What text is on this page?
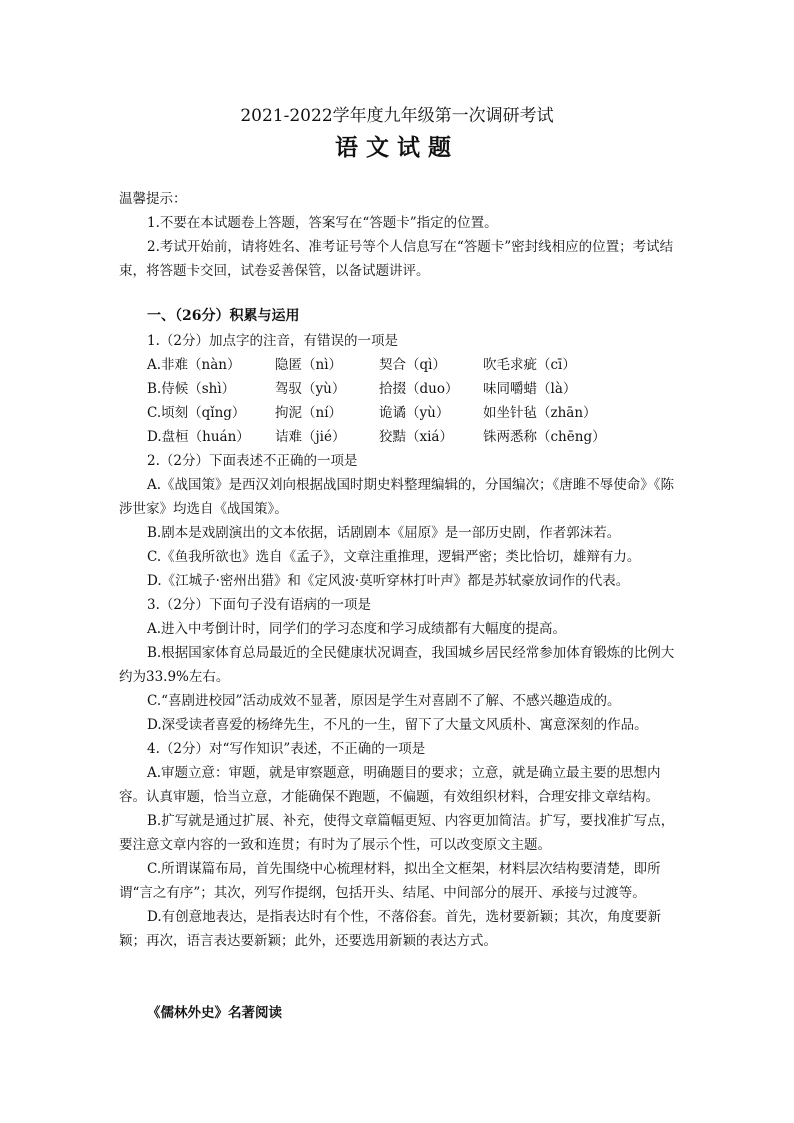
2021-2022学年度九年级第一次调研考试
语文试题

温馨提示：

1.不要在本试题卷上答题，答案写在“答题卡”指定的位置。

2.考试开始前，请将姓名、准考证号等个人信息写在“答题卡”密封线相应的位置；考试结束，将答题卡交回，试卷妥善保管，以备试题讲评。

一、（26分）积累与运用

1.（2分）加点字的注音，有错误的一项是

A.非难（nàn）	隐匿（nì）	契合（qì）	吹毛求疵（cī）
B.侍候（shì）	驾驭（yù）	拾掇（duo）	味同嚼蜡（là）
C.顷刻（qǐng）	拘泥（ní）	诡谲（yù）	如坐针毡（zhān）
D.盘桓（huán）	诘难（jié）	狡黠（xiá）	铢两悉称（chēng）

2.（2分）下面表述不正确的一项是

A.《战国策》是西汉刘向根据战国时期史料整理编辑的，分国编次；《唐雎不辱使命》《陈涉世家》均选自《战国策》。

B.剧本是戏剧演出的文本依据，话剧剧本《屈原》是一部历史剧，作者郭沫若。

C.《鱼我所欲也》选自《孟子》，文章注重推理，逻辑严密；类比恰切，雄辩有力。

D.《江城子·密州出猎》和《定风波·莫听穿林打叶声》都是苏轼豪放词作的代表。

3.（2分）下面句子没有语病的一项是

A.进入中考倒计时，同学们的学习态度和学习成绩都有大幅度的提高。

B.根据国家体育总局最近的全民健康状况调查，我国城乡居民经常参加体育锻炼的比例大约为33.9%左右。

C.“喜剧进校园”活动成效不显著，原因是学生对喜剧不了解、不感兴趣造成的。

D.深受读者喜爱的杨绛先生，不凡的一生，留下了大量文风质朴、寓意深刻的作品。

4.（2分）对“写作知识”表述，不正确的一项是

A.审题立意：审题，就是审察题意，明确题目的要求；立意，就是确立最主要的思想内容。认真审题，恰当立意，才能确保不跑题，不偏题，有效组织材料，合理安排文章结构。

B.扩写就是通过扩展、补充，使得文章篇幅更短、内容更加简洁。扩写，要找准扩写点，要注意文章内容的一致和连贯；有时为了展示个性，可以改变原文主题。

C.所谓谋篇布局，首先围绕中心梳理材料，拟出全文框架，材料层次结构要清楚，即所谓“言之有序”；其次，列写作提纲，包括开头、结尾、中间部分的展开、承接与过渡等。

D.有创意地表达，是指表达时有个性，不落俗套。首先，选材要新颖；其次，角度要新颖；再次，语言表达要新颖；此外，还要选用新颖的表达方式。

《儒林外史》名著阅读
